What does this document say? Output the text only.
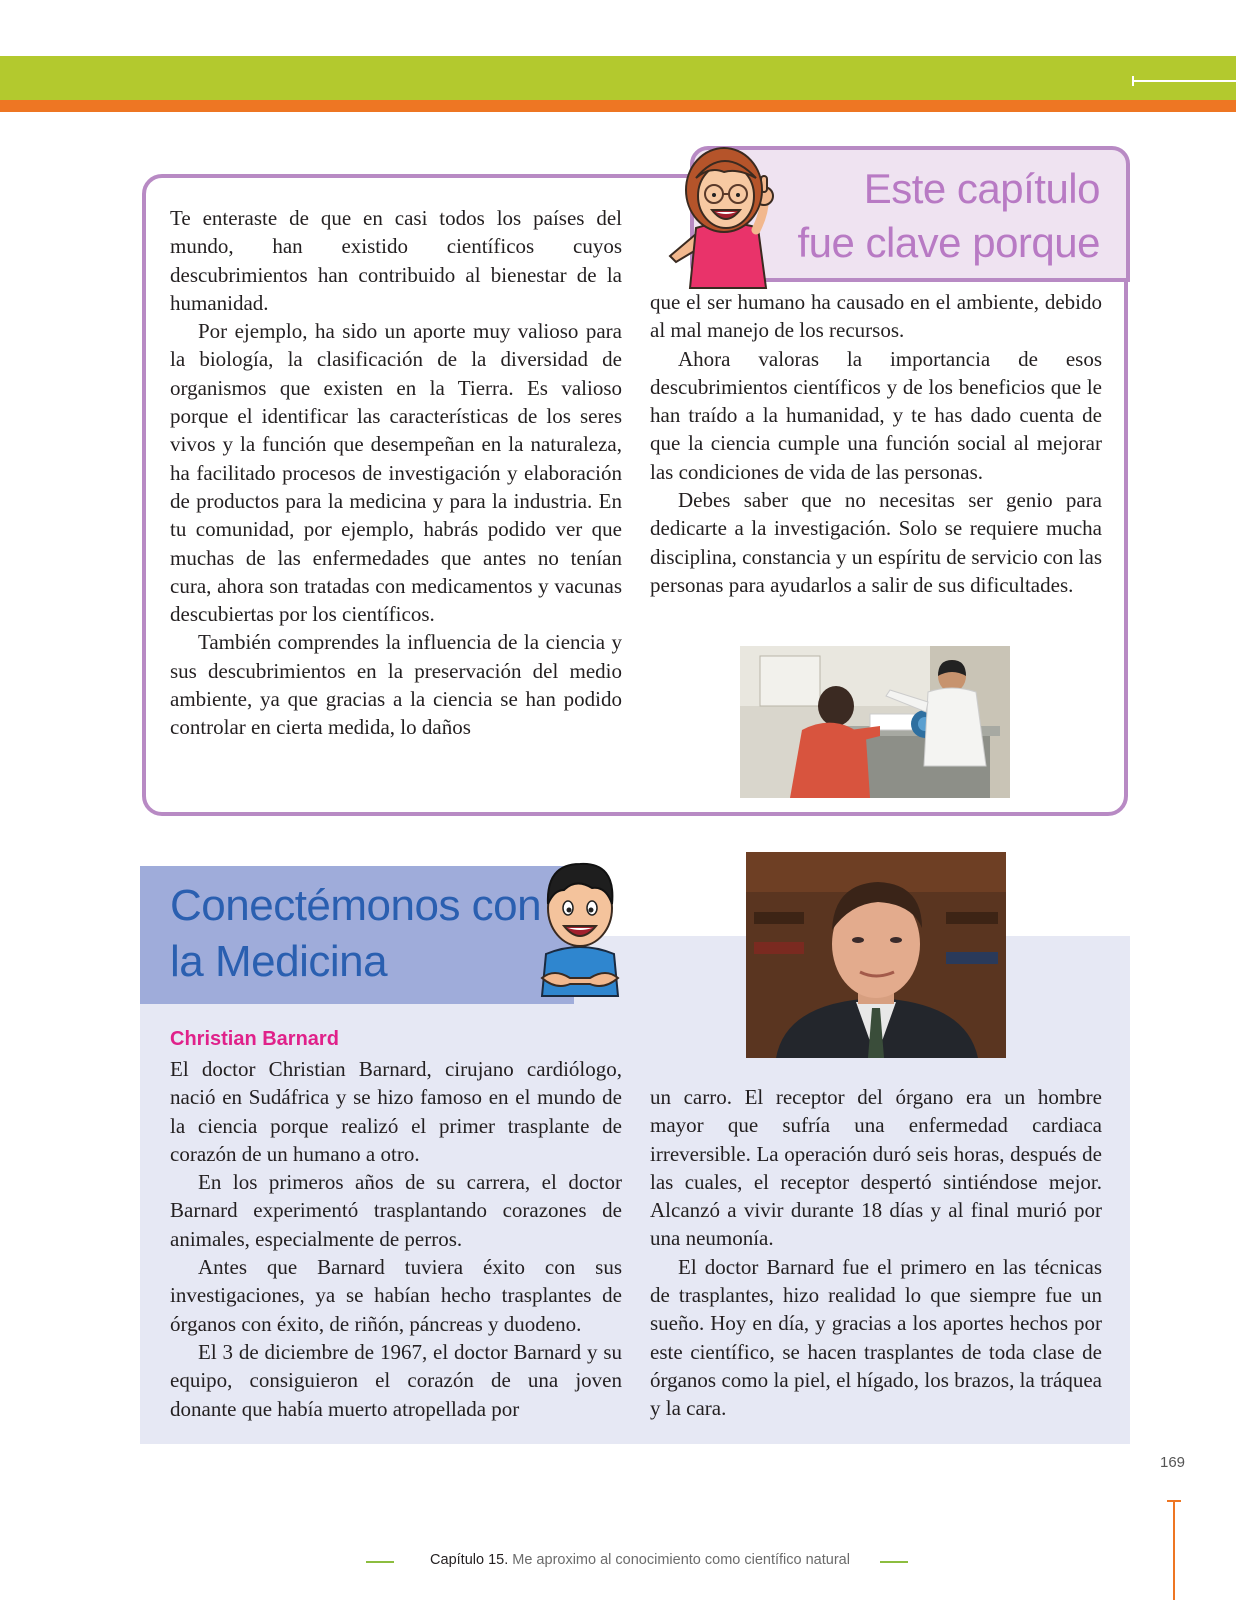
Este capítulo
fue clave porque

Te enteraste de que en casi todos los países del mundo, han existido científicos cuyos descubrimientos han contribuido al bienestar de la humanidad.

Por ejemplo, ha sido un aporte muy valioso para la biología, la clasificación de la diversidad de organismos que existen en la Tierra. Es valioso porque el identificar las características de los seres vivos y la función que desempeñan en la naturaleza, ha facilitado procesos de investigación y elaboración de productos para la medicina y para la industria. En tu comunidad, por ejemplo, habrás podido ver que muchas de las enfermedades que antes no tenían cura, ahora son tratadas con medicamentos y vacunas descubiertas por los científicos.

También comprendes la influencia de la ciencia y sus descubrimientos en la preservación del medio ambiente, ya que gracias a la ciencia se han podido controlar en cierta medida, lo daños

que el ser humano ha causado en el ambiente, debido al mal manejo de los recursos.

Ahora valoras la importancia de esos descubrimientos científicos y de los beneficios que le han traído a la humanidad, y te has dado cuenta de que la ciencia cumple una función social al mejorar las condiciones de vida de las personas.

Debes saber que no necesitas ser genio para dedicarte a la investigación. Solo se requiere mucha disciplina, constancia y un espíritu de servicio con las personas para ayudarlos a salir de sus dificultades.

Conectémonos con
la Medicina
Christian Barnard

El doctor Christian Barnard, cirujano cardiólogo, nació en Sudáfrica y se hizo famoso en el mundo de la ciencia porque realizó el primer trasplante de corazón de un humano a otro.

En los primeros años de su carrera, el doctor Barnard experimentó trasplantando corazones de animales, especialmente de perros.

Antes que Barnard tuviera éxito con sus investigaciones, ya se habían hecho trasplantes de órganos con éxito, de riñón, páncreas y duodeno.

El 3 de diciembre de 1967, el doctor Barnard y su equipo, consiguieron el corazón de una joven donante que había muerto atropellada por

un carro. El receptor del órgano era un hombre mayor que sufría una enfermedad cardiaca irreversible. La operación duró seis horas, después de las cuales, el receptor despertó sintiéndose mejor. Alcanzó a vivir durante 18 días y al final murió por una neumonía.

El doctor Barnard fue el primero en las técnicas de trasplantes, hizo realidad lo que siempre fue un sueño. Hoy en día, y gracias a los aportes hechos por este científico, se hacen trasplantes de toda clase de órganos como la piel, el hígado, los brazos, la tráquea y la cara.

169
Capítulo 15. Me aproximo al conocimiento como científico natural
